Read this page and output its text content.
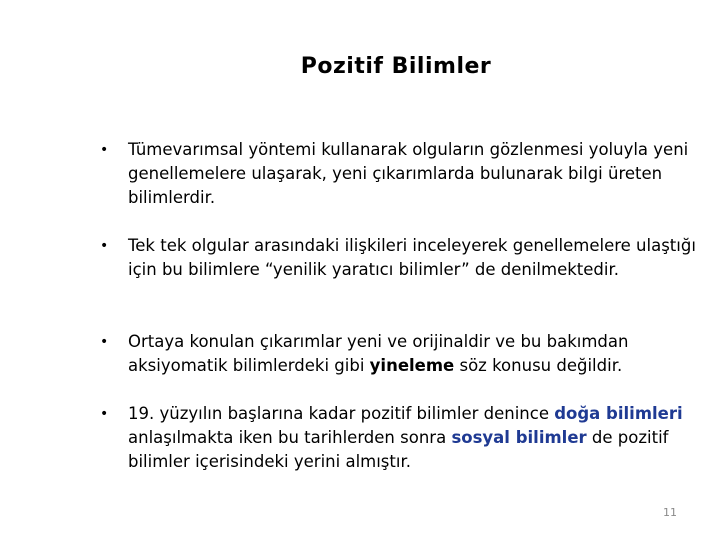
Pozitif Bilimler
•	Tümevarımsal yöntemi kullanarak olguların gözlenmesi yoluyla yeni genellemelere ulaşarak, yeni çıkarımlarda bulunarak bilgi üreten bilimlerdir.
•	Tek tek olgular arasındaki ilişkileri inceleyerek genellemelere ulaştığı için bu bilimlere “yenilik yaratıcı bilimler” de denilmektedir.
•	Ortaya konulan çıkarımlar yeni ve orijinaldir ve bu bakımdan aksiyomatik bilimlerdeki gibi yineleme söz konusu değildir.
•	19. yüzyılın başlarına kadar pozitif bilimler denince doğa bilimleri anlaşılmakta iken bu tarihlerden sonra sosyal bilimler de pozitif bilimler içerisindeki yerini almıştır.
11
